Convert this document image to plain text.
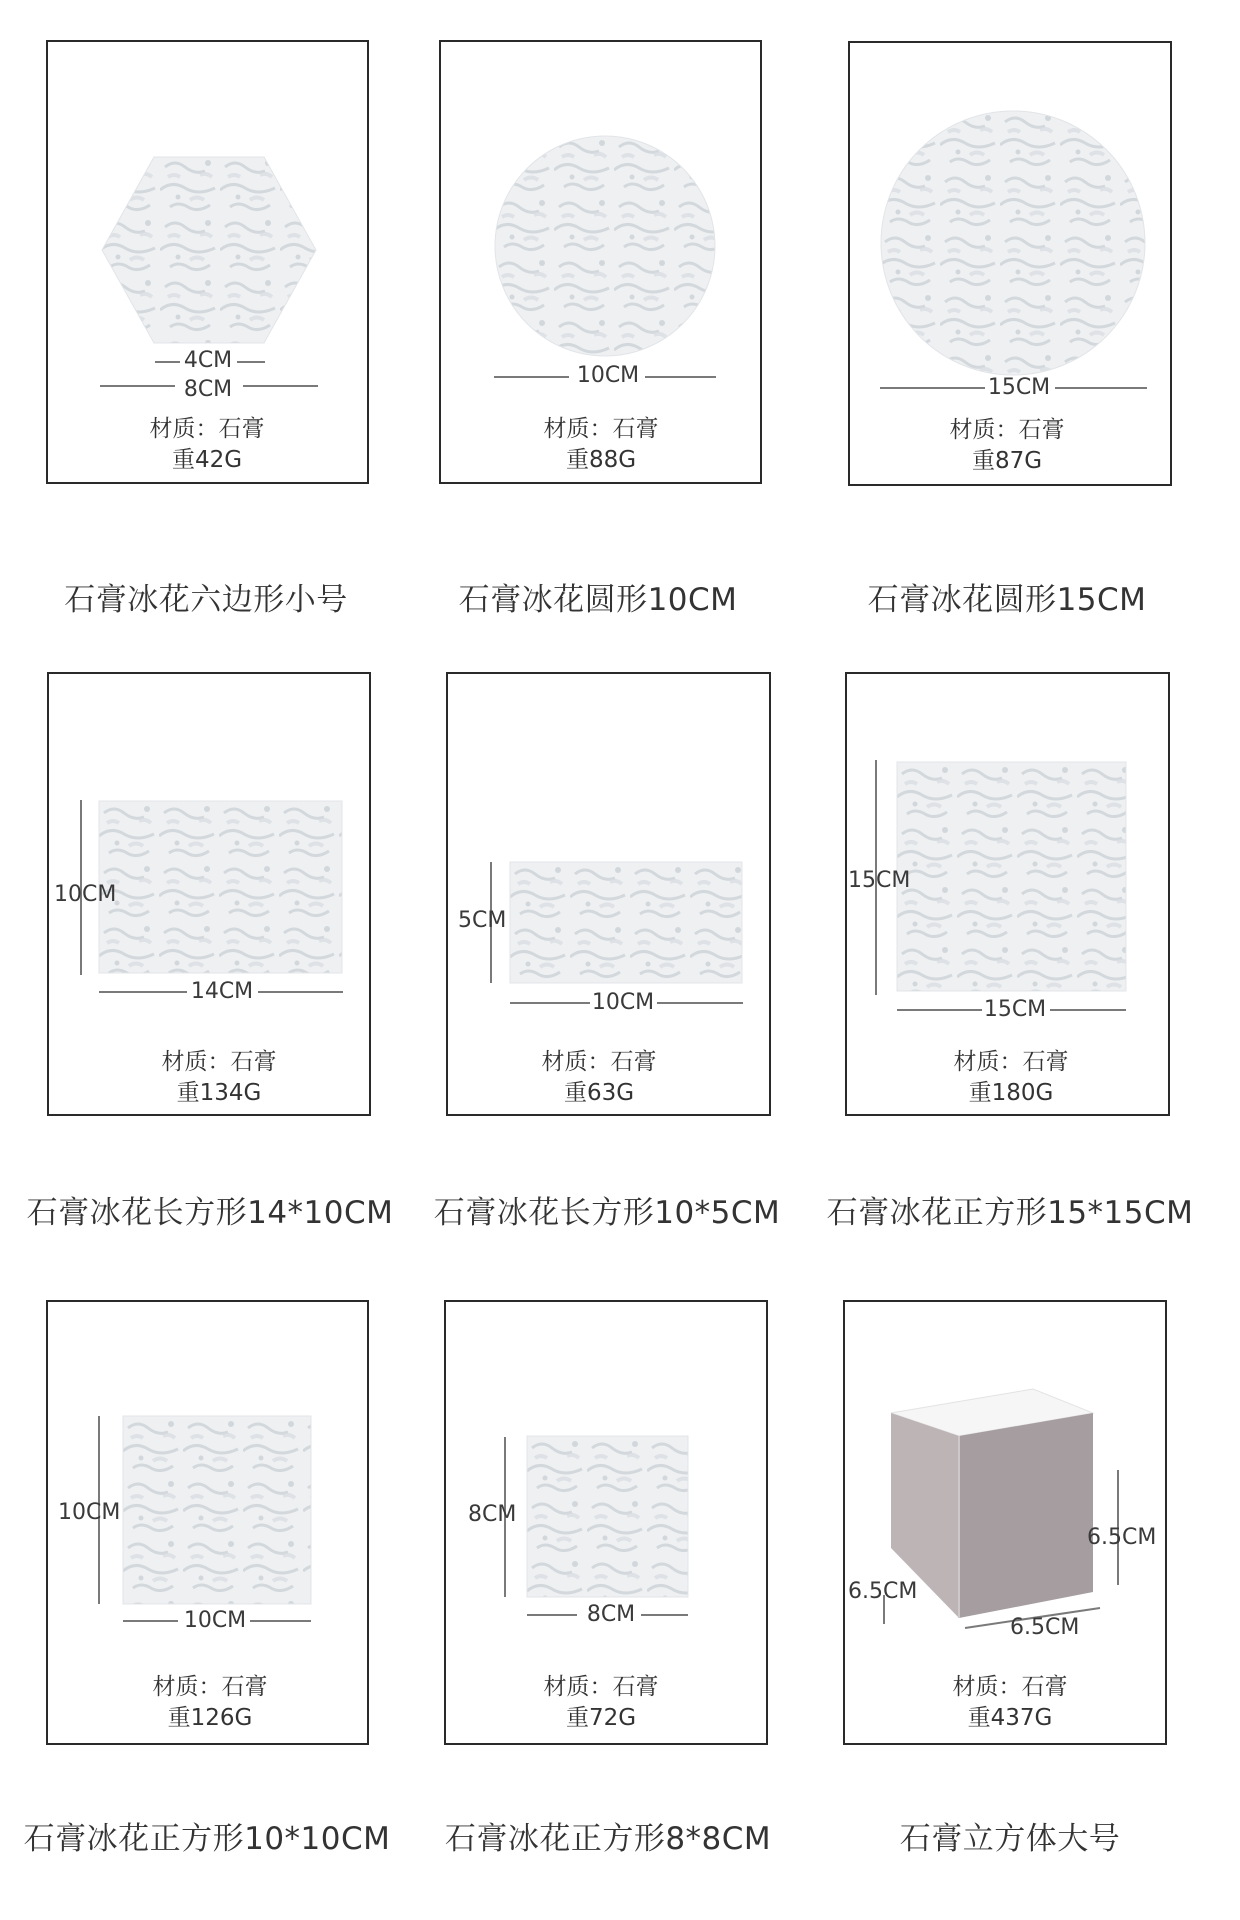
4CM
8CM
材质：石膏
重42G
石膏冰花六边形小号
10CM
材质：石膏
重88G
石膏冰花圆形10CM
15CM
材质：石膏
重87G
石膏冰花圆形15CM
10CM
14CM
材质：石膏
重134G
石膏冰花长方形14*10CM
5CM
10CM
材质：石膏
重63G
石膏冰花长方形10*5CM
15CM
15CM
材质：石膏
重180G
石膏冰花正方形15*15CM
10CM
10CM
材质：石膏
重126G
石膏冰花正方形10*10CM
8CM
8CM
材质：石膏
重72G
石膏冰花正方形8*8CM
6.5CM
6.5CM
6.5CM
材质：石膏
重437G
石膏立方体大号
